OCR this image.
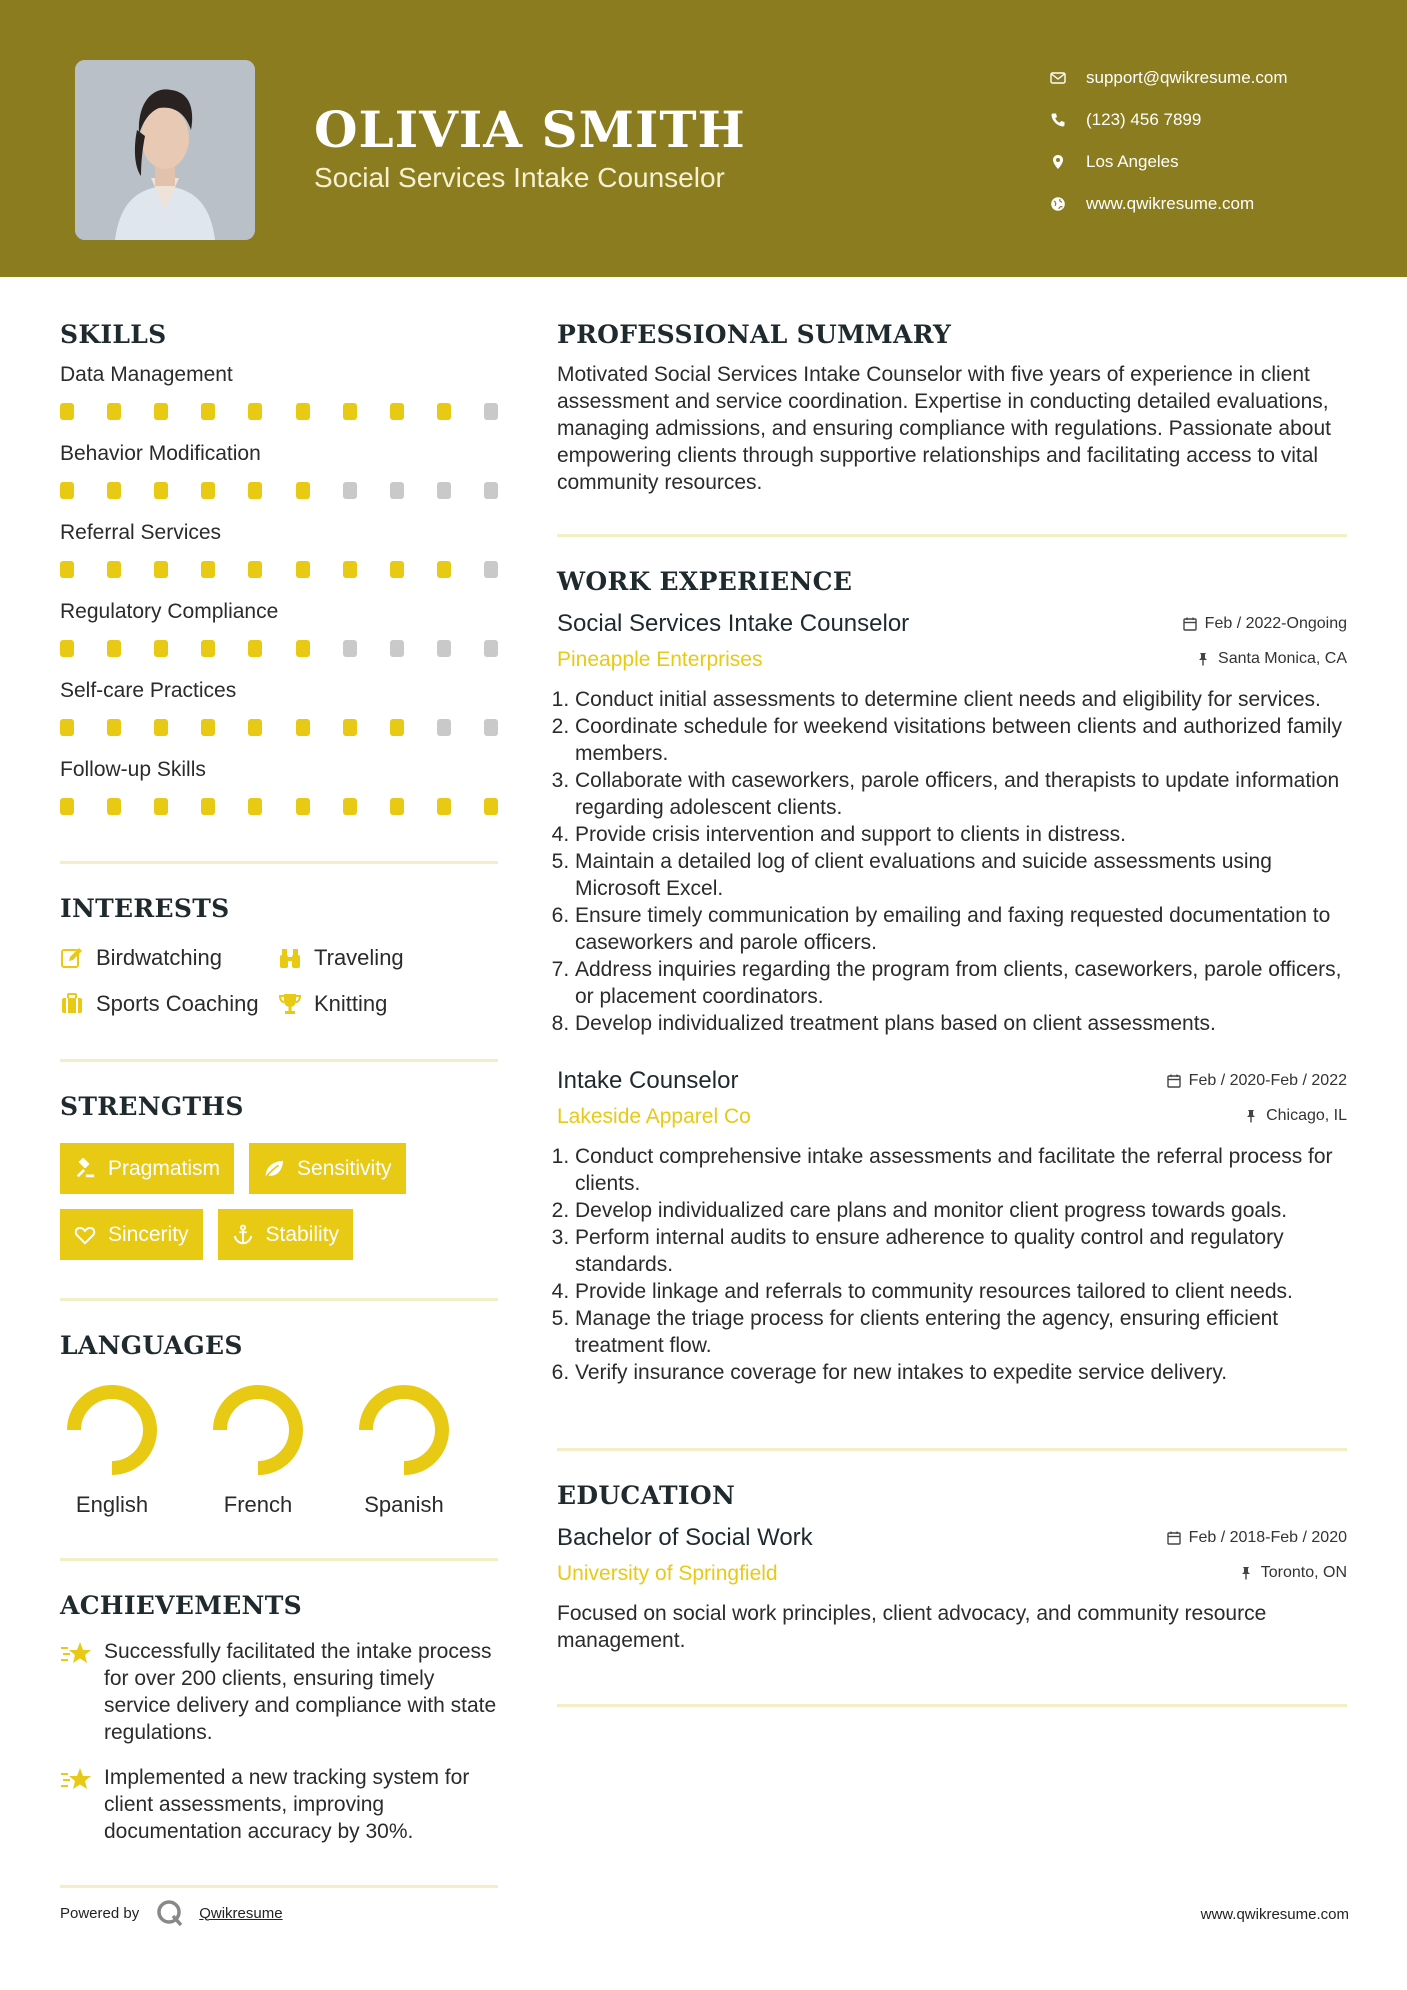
OLIVIA SMITH
Social Services Intake Counselor
support@qwikresume.com
(123) 456 7899
Los Angeles
www.qwikresume.com
SKILLS
Data Management
Behavior Modification
Referral Services
Regulatory Compliance
Self-care Practices
Follow-up Skills
INTERESTS
Birdwatching	Traveling
Sports Coaching	Knitting
STRENGTHS
Pragmatism	Sensitivity
Sincerity	Stability
LANGUAGES
English	French	Spanish
ACHIEVEMENTS
Successfully facilitated the intake process for over 200 clients, ensuring timely service delivery and compliance with state regulations.
Implemented a new tracking system for client assessments, improving documentation accuracy by 30%.
PROFESSIONAL SUMMARY
Motivated Social Services Intake Counselor with five years of experience in client assessment and service coordination. Expertise in conducting detailed evaluations, managing admissions, and ensuring compliance with regulations. Passionate about empowering clients through supportive relationships and facilitating access to vital community resources.
WORK EXPERIENCE
Social Services Intake Counselor	Feb / 2022-Ongoing
Pineapple Enterprises	Santa Monica, CA
1. Conduct initial assessments to determine client needs and eligibility for services.
2. Coordinate schedule for weekend visitations between clients and authorized family members.
3. Collaborate with caseworkers, parole officers, and therapists to update information regarding adolescent clients.
4. Provide crisis intervention and support to clients in distress.
5. Maintain a detailed log of client evaluations and suicide assessments using Microsoft Excel.
6. Ensure timely communication by emailing and faxing requested documentation to caseworkers and parole officers.
7. Address inquiries regarding the program from clients, caseworkers, parole officers, or placement coordinators.
8. Develop individualized treatment plans based on client assessments.
Intake Counselor	Feb / 2020-Feb / 2022
Lakeside Apparel Co	Chicago, IL
1. Conduct comprehensive intake assessments and facilitate the referral process for clients.
2. Develop individualized care plans and monitor client progress towards goals.
3. Perform internal audits to ensure adherence to quality control and regulatory standards.
4. Provide linkage and referrals to community resources tailored to client needs.
5. Manage the triage process for clients entering the agency, ensuring efficient treatment flow.
6. Verify insurance coverage for new intakes to expedite service delivery.
EDUCATION
Bachelor of Social Work	Feb / 2018-Feb / 2020
University of Springfield	Toronto, ON
Focused on social work principles, client advocacy, and community resource management.
Powered by	Qwikresume	www.qwikresume.com
